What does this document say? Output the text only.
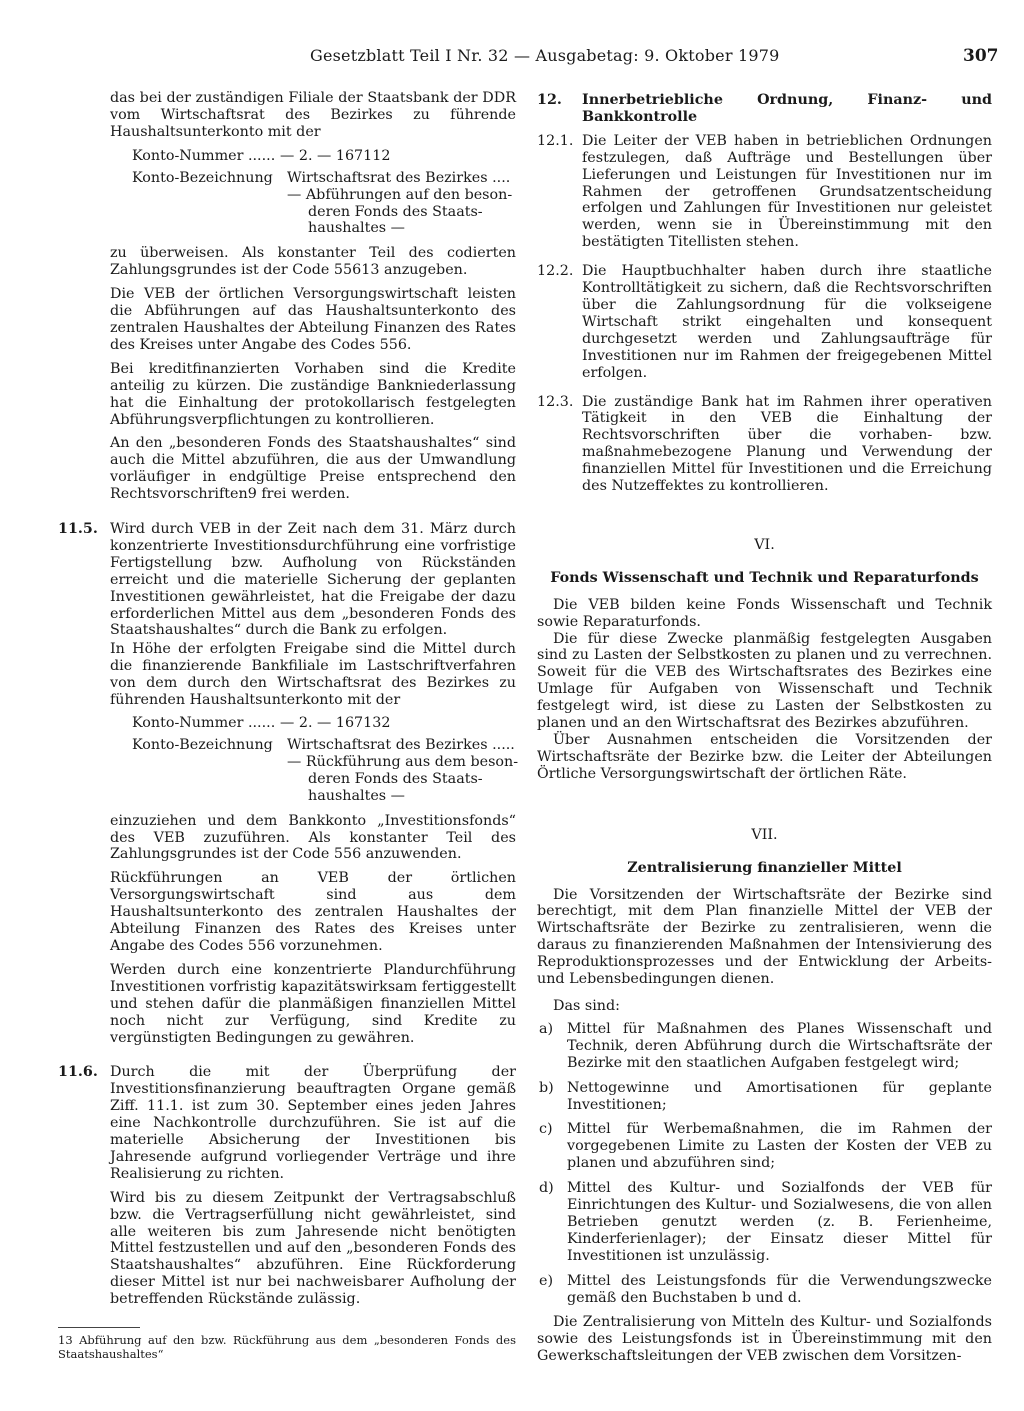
Gesetzblatt Teil I Nr. 32 — Ausgabetag: 9. Oktober 1979	307

das bei der zuständigen Filiale der Staatsbank der DDR vom Wirtschaftsrat des Bezirkes zu führende Haushaltsunterkonto mit der

Konto-Nummer ...... — 2. — 167112
Konto-Bezeichnung Wirtschaftsrat des Bezirkes ....
— Abführungen auf den beson-
deren Fonds des Staats-
haushaltes —

zu überweisen. Als konstanter Teil des codierten Zahlungsgrundes ist der Code 55613 anzugeben.

Die VEB der örtlichen Versorgungswirtschaft leisten die Abführungen auf das Haushaltsunterkonto des zentralen Haushaltes der Abteilung Finanzen des Rates des Kreises unter Angabe des Codes 556.

Bei kreditfinanzierten Vorhaben sind die Kredite anteilig zu kürzen. Die zuständige Bankniederlassung hat die Einhaltung der protokollarisch festgelegten Abführungsverpflichtungen zu kontrollieren.

An den „besonderen Fonds des Staatshaushaltes“ sind auch die Mittel abzuführen, die aus der Umwandlung vorläufiger in endgültige Preise entsprechend den Rechtsvorschriften9 frei werden.

11.5. Wird durch VEB in der Zeit nach dem 31. März durch konzentrierte Investitionsdurchführung eine vorfristige Fertigstellung bzw. Aufholung von Rückständen erreicht und die materielle Sicherung der geplanten Investitionen gewährleistet, hat die Freigabe der dazu erforderlichen Mittel aus dem „besonderen Fonds des Staatshaushaltes“ durch die Bank zu erfolgen.

In Höhe der erfolgten Freigabe sind die Mittel durch die finanzierende Bankfiliale im Lastschriftverfahren von dem durch den Wirtschaftsrat des Bezirkes zu führenden Haushaltsunterkonto mit der

Konto-Nummer ...... — 2. — 167132
Konto-Bezeichnung Wirtschaftsrat des Bezirkes .....
— Rückführung aus dem beson-
deren Fonds des Staats-
haushaltes —

einzuziehen und dem Bankkonto „Investitionsfonds“ des VEB zuzuführen. Als konstanter Teil des Zahlungsgrundes ist der Code 556 anzuwenden.

Rückführungen an VEB der örtlichen Versorgungswirtschaft sind aus dem Haushaltsunterkonto des zentralen Haushaltes der Abteilung Finanzen des Rates des Kreises unter Angabe des Codes 556 vorzunehmen.

Werden durch eine konzentrierte Plandurchführung Investitionen vorfristig kapazitätswirksam fertiggestellt und stehen dafür die planmäßigen finanziellen Mittel noch nicht zur Verfügung, sind Kredite zu vergünstigten Bedingungen zu gewähren.

11.6. Durch die mit der Überprüfung der Investitionsfinanzierung beauftragten Organe gemäß Ziff. 11.1. ist zum 30. September eines jeden Jahres eine Nachkontrolle durchzuführen. Sie ist auf die materielle Absicherung der Investitionen bis Jahresende aufgrund vorliegender Verträge und ihre Realisierung zu richten.

Wird bis zu diesem Zeitpunkt der Vertragsabschluß bzw. die Vertragserfüllung nicht gewährleistet, sind alle weiteren bis zum Jahresende nicht benötigten Mittel festzustellen und auf den „besonderen Fonds des Staatshaushaltes“ abzuführen. Eine Rückforderung dieser Mittel ist nur bei nachweisbarer Aufholung der betreffenden Rückstände zulässig.

13 Abführung auf den bzw. Rückführung aus dem „besonderen Fonds des Staatshaushaltes“

12. Innerbetriebliche Ordnung, Finanz- und Bankkontrolle

12.1. Die Leiter der VEB haben in betrieblichen Ordnungen festzulegen, daß Aufträge und Bestellungen über Lieferungen und Leistungen für Investitionen nur im Rahmen der getroffenen Grundsatzentscheidung erfolgen und Zahlungen für Investitionen nur geleistet werden, wenn sie in Übereinstimmung mit den bestätigten Titellisten stehen.

12.2. Die Hauptbuchhalter haben durch ihre staatliche Kontrolltätigkeit zu sichern, daß die Rechtsvorschriften über die Zahlungsordnung für die volkseigene Wirtschaft strikt eingehalten und konsequent durchgesetzt werden und Zahlungsaufträge für Investitionen nur im Rahmen der freigegebenen Mittel erfolgen.

12.3. Die zuständige Bank hat im Rahmen ihrer operativen Tätigkeit in den VEB die Einhaltung der Rechtsvorschriften über die vorhaben- bzw. maßnahmebezogene Planung und Verwendung der finanziellen Mittel für Investitionen und die Erreichung des Nutzeffektes zu kontrollieren.

VI.
Fonds Wissenschaft und Technik und Reparaturfonds

Die VEB bilden keine Fonds Wissenschaft und Technik sowie Reparaturfonds.

Die für diese Zwecke planmäßig festgelegten Ausgaben sind zu Lasten der Selbstkosten zu planen und zu verrechnen. Soweit für die VEB des Wirtschaftsrates des Bezirkes eine Umlage für Aufgaben von Wissenschaft und Technik festgelegt wird, ist diese zu Lasten der Selbstkosten zu planen und an den Wirtschaftsrat des Bezirkes abzuführen.

Über Ausnahmen entscheiden die Vorsitzenden der Wirtschaftsräte der Bezirke bzw. die Leiter der Abteilungen Örtliche Versorgungswirtschaft der örtlichen Räte.

VII.
Zentralisierung finanzieller Mittel

Die Vorsitzenden der Wirtschaftsräte der Bezirke sind berechtigt, mit dem Plan finanzielle Mittel der VEB der Wirtschaftsräte der Bezirke zu zentralisieren, wenn die daraus zu finanzierenden Maßnahmen der Intensivierung des Reproduktionsprozesses und der Entwicklung der Arbeits- und Lebensbedingungen dienen.

Das sind:

a) Mittel für Maßnahmen des Planes Wissenschaft und Technik, deren Abführung durch die Wirtschaftsräte der Bezirke mit den staatlichen Aufgaben festgelegt wird;

b) Nettogewinne und Amortisationen für geplante Investitionen;

c) Mittel für Werbemaßnahmen, die im Rahmen der vorgegebenen Limite zu Lasten der Kosten der VEB zu planen und abzuführen sind;

d) Mittel des Kultur- und Sozialfonds der VEB für Einrichtungen des Kultur- und Sozialwesens, die von allen Betrieben genutzt werden (z. B. Ferienheime, Kinderferienlager); der Einsatz dieser Mittel für Investitionen ist unzulässig.

e) Mittel des Leistungsfonds für die Verwendungszwecke gemäß den Buchstaben b und d.

Die Zentralisierung von Mitteln des Kultur- und Sozialfonds sowie des Leistungsfonds ist in Übereinstimmung mit den Gewerkschaftsleitungen der VEB zwischen dem Vorsitzen-
